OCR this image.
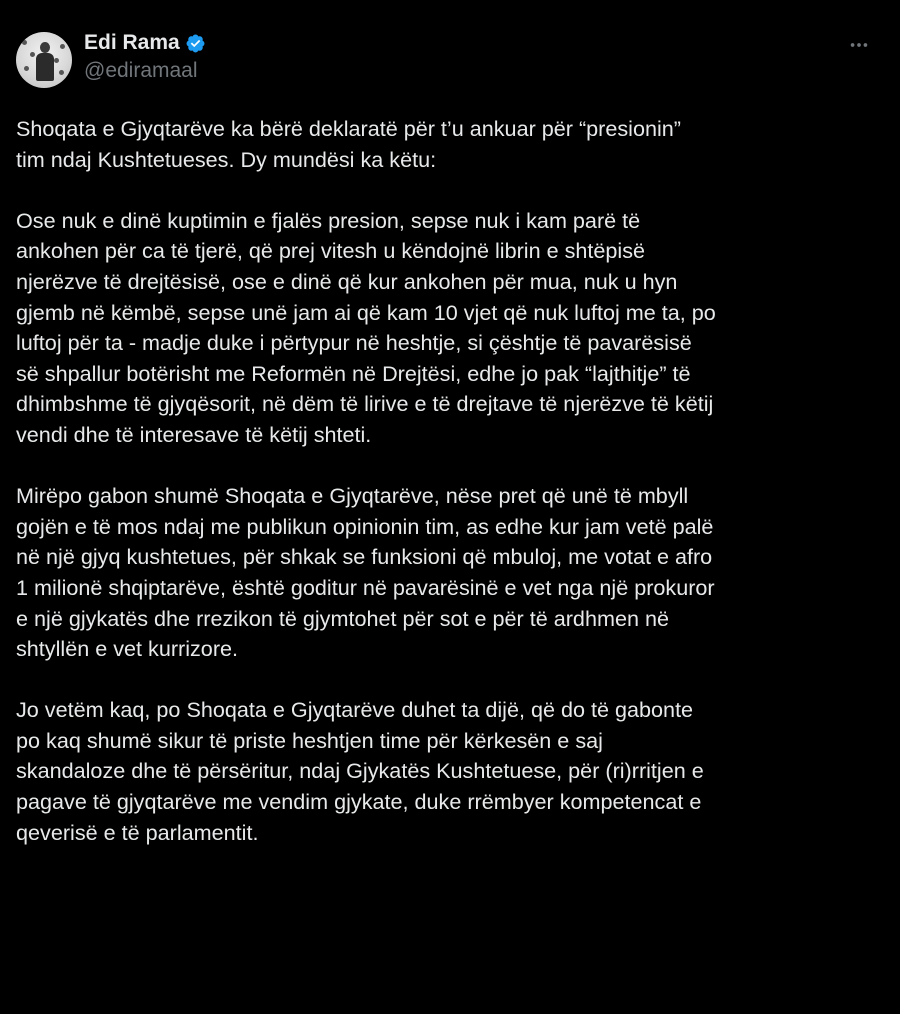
Edi Rama
@ediramaal

Shoqata e Gjyqtarëve ka bërë deklaratë për t’u ankuar për “presionin”
tim ndaj Kushtetueses. Dy mundësi ka këtu:

Ose nuk e dinë kuptimin e fjalës presion, sepse nuk i kam parë të
ankohen për ca të tjerë, që prej vitesh u këndojnë librin e shtëpisë
njerëzve të drejtësisë, ose e dinë që kur ankohen për mua, nuk u hyn
gjemb në këmbë, sepse unë jam ai që kam 10 vjet që nuk luftoj me ta, po
luftoj për ta - madje duke i përtypur në heshtje, si çështje të pavarësisë
së shpallur botërisht me Reformën në Drejtësi, edhe jo pak “lajthitje” të
dhimbshme të gjyqësorit, në dëm të lirive e të drejtave të njerëzve të këtij
vendi dhe të interesave të këtij shteti.

Mirëpo gabon shumë Shoqata e Gjyqtarëve, nëse pret që unë të mbyll
gojën e të mos ndaj me publikun opinionin tim, as edhe kur jam vetë palë
në një gjyq kushtetues, për shkak se funksioni që mbuloj, me votat e afro
1 milionë shqiptarëve, është goditur në pavarësinë e vet nga një prokuror
e një gjykatës dhe rrezikon të gjymtohet për sot e për të ardhmen në
shtyllën e vet kurrizore.

Jo vetëm kaq, po Shoqata e Gjyqtarëve duhet ta dijë, që do të gabonte
po kaq shumë sikur të priste heshtjen time për kërkesën e saj
skandaloze dhe të përsëritur, ndaj Gjykatës Kushtetuese, për (ri)rritjen e
pagave të gjyqtarëve me vendim gjykate, duke rrëmbyer kompetencat e
qeverisë e të parlamentit.
